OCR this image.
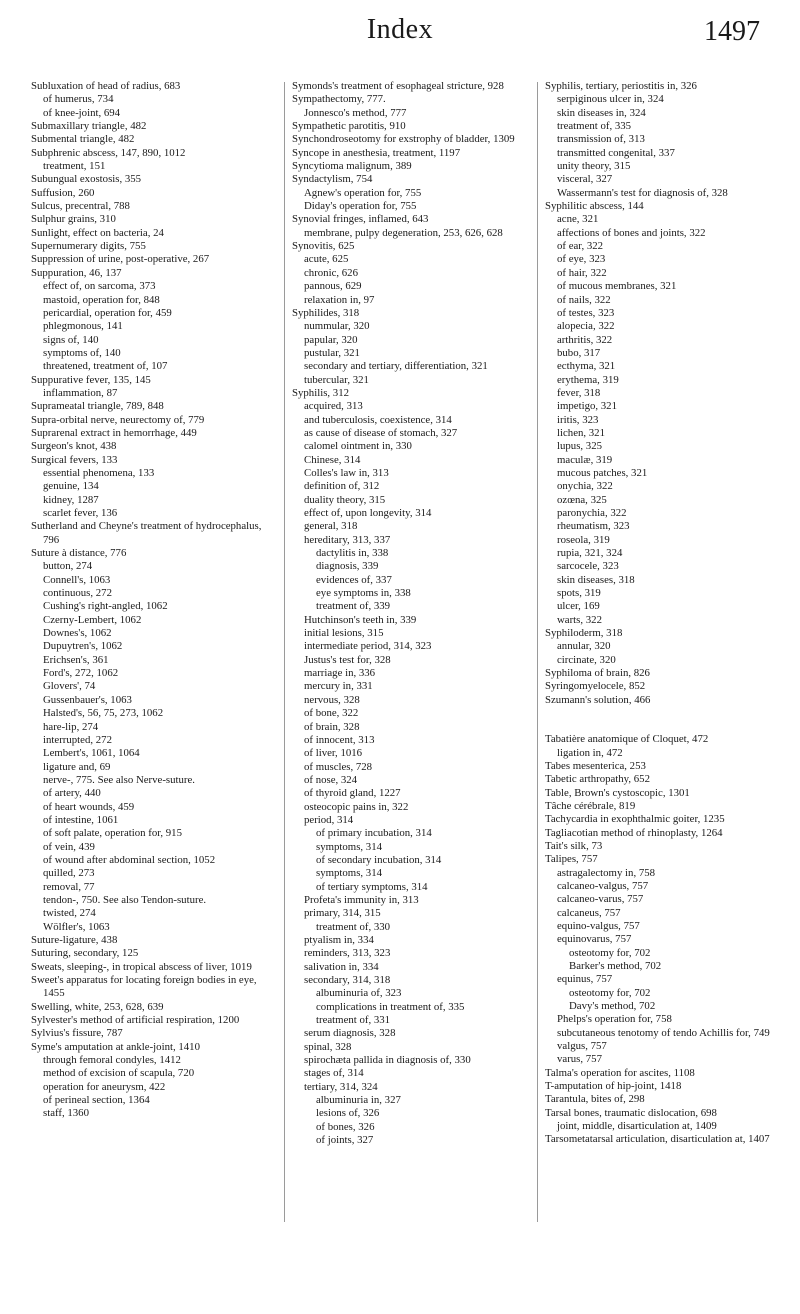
Index	1497
Subluxation of head of radius, 683
of humerus, 734
of knee-joint, 694
Submaxillary triangle, 482
Submental triangle, 482
Subphrenic abscess, 147, 890, 1012
treatment, 151
Subungual exostosis, 355
Suffusion, 260
Sulcus, precentral, 788
Sulphur grains, 310
Sunlight, effect on bacteria, 24
Supernumerary digits, 755
Suppression of urine, post-operative, 267
Suppuration, 46, 137
effect of, on sarcoma, 373
mastoid, operation for, 848
pericardial, operation for, 459
phlegmonous, 141
signs of, 140
symptoms of, 140
threatened, treatment of, 107
Suppurative fever, 135, 145
inflammation, 87
Suprameatal triangle, 789, 848
Supra-orbital nerve, neurectomy of, 779
Suprarenal extract in hemorrhage, 449
Surgeon's knot, 438
Surgical fevers, 133
essential phenomena, 133
genuine, 134
kidney, 1287
scarlet fever, 136
Sutherland and Cheyne's treatment of hydrocephalus, 796
Suture à distance, 776
button, 274
Connell's, 1063
continuous, 272
Cushing's right-angled, 1062
Czerny-Lembert, 1062
Downes's, 1062
Dupuytren's, 1062
Erichsen's, 361
Ford's, 272, 1062
Glovers', 74
Gussenbauer's, 1063
Halsted's, 56, 75, 273, 1062
hare-lip, 274
interrupted, 272
Lembert's, 1061, 1064
ligature and, 69
nerve-, 775. See also Nerve-suture.
of artery, 440
of heart wounds, 459
of intestine, 1061
of soft palate, operation for, 915
of vein, 439
of wound after abdominal section, 1052
quilled, 273
removal, 77
tendon-, 750. See also Tendon-suture.
twisted, 274
Wölfler's, 1063
Suture-ligature, 438
Suturing, secondary, 125
Sweats, sleeping-, in tropical abscess of liver, 1019
Sweet's apparatus for locating foreign bodies in eye, 1455
Swelling, white, 253, 628, 639
Sylvester's method of artificial respiration, 1200
Sylvius's fissure, 787
Syme's amputation at ankle-joint, 1410
through femoral condyles, 1412
method of excision of scapula, 720
operation for aneurysm, 422
of perineal section, 1364
staff, 1360
Symonds's treatment of esophageal stricture, 928
Sympathectomy, 777.
Jonnesco's method, 777
Sympathetic parotitis, 910
Synchondroseotomy for exstrophy of bladder, 1309
Syncope in anesthesia, treatment, 1197
Syncytioma malignum, 389
Syndactylism, 754
Agnew's operation for, 755
Diday's operation for, 755
Synovial fringes, inflamed, 643
membrane, pulpy degeneration, 253, 626, 628
Synovitis, 625
acute, 625
chronic, 626
pannous, 629
relaxation in, 97
Syphilides, 318
nummular, 320
papular, 320
pustular, 321
secondary and tertiary, differentiation, 321
tubercular, 321
Syphilis, 312
acquired, 313
and tuberculosis, coexistence, 314
as cause of disease of stomach, 327
calomel ointment in, 330
Chinese, 314
Colles's law in, 313
definition of, 312
duality theory, 315
effect of, upon longevity, 314
general, 318
hereditary, 313, 337
dactylitis in, 338
diagnosis, 339
evidences of, 337
eye symptoms in, 338
treatment of, 339
Hutchinson's teeth in, 339
initial lesions, 315
intermediate period, 314, 323
Justus's test for, 328
marriage in, 336
mercury in, 331
nervous, 328
of bone, 322
of brain, 328
of innocent, 313
of liver, 1016
of muscles, 728
of nose, 324
of thyroid gland, 1227
osteocopic pains in, 322
period, 314
of primary incubation, 314
symptoms, 314
of secondary incubation, 314
symptoms, 314
of tertiary symptoms, 314
Profeta's immunity in, 313
primary, 314, 315
treatment of, 330
ptyalism in, 334
reminders, 313, 323
salivation in, 334
secondary, 314, 318
albuminuria of, 323
complications in treatment of, 335
treatment of, 331
serum diagnosis, 328
spinal, 328
spirochæta pallida in diagnosis of, 330
stages of, 314
tertiary, 314, 324
albuminuria in, 327
lesions of, 326
of bones, 326
of joints, 327
Syphilis, tertiary, periostitis in, 326
serpiginous ulcer in, 324
skin diseases in, 324
treatment of, 335
transmission of, 313
transmitted congenital, 337
unity theory, 315
visceral, 327
Wassermann's test for diagnosis of, 328
Syphilitic abscess, 144
acne, 321
affections of bones and joints, 322
of ear, 322
of eye, 323
of hair, 322
of mucous membranes, 321
of nails, 322
of testes, 323
alopecia, 322
arthritis, 322
bubo, 317
ecthyma, 321
erythema, 319
fever, 318
impetigo, 321
iritis, 323
lichen, 321
lupus, 325
maculæ, 319
mucous patches, 321
onychia, 322
ozœna, 325
paronychia, 322
rheumatism, 323
roseola, 319
rupia, 321, 324
sarcocele, 323
skin diseases, 318
spots, 319
ulcer, 169
warts, 322
Syphiloderm, 318
annular, 320
circinate, 320
Syphiloma of brain, 826
Syringomyelocele, 852
Szumann's solution, 466
Tabatière anatomique of Cloquet, 472
ligation in, 472
Tabes mesenterica, 253
Tabetic arthropathy, 652
Table, Brown's cystoscopic, 1301
Tâche cérébrale, 819
Tachycardia in exophthalmic goiter, 1235
Tagliacotian method of rhinoplasty, 1264
Tait's silk, 73
Talipes, 757
astragalectomy in, 758
calcaneo-valgus, 757
calcaneo-varus, 757
calcaneus, 757
equino-valgus, 757
equinovarus, 757
osteotomy for, 702
Barker's method, 702
equinus, 757
osteotomy for, 702
Davy's method, 702
Phelps's operation for, 758
subcutaneous tenotomy of tendo Achillis for, 749
valgus, 757
varus, 757
Talma's operation for ascites, 1108
T-amputation of hip-joint, 1418
Tarantula, bites of, 298
Tarsal bones, traumatic dislocation, 698
joint, middle, disarticulation at, 1409
Tarsometatarsal articulation, disarticulation at, 1407
